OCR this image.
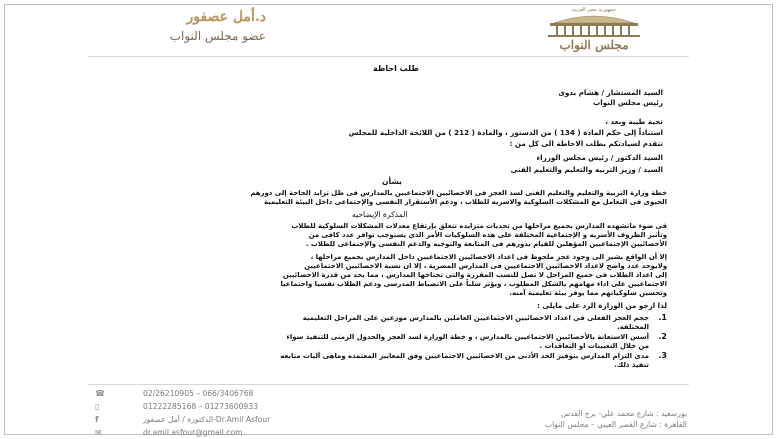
د.أمل عصفور
عضو مجلس النواب
جمهورية مصر العربية
مجلس النواب
طلب احاطة
السيد المستشار / هشام بدوى
رئيس مجلس النواب
تحية طيبة وبعد ،
استناداً إلى حكم المادة ( 134 ) من الدستور ، والمادة ( 212 ) من اللائحة الداخلية للمجلس
تتقدم لسيادتكم بطلب الاحاطة الى كل من :
السيد الدكتور / رئيس مجلس الوزراء
السيد / وزير التربيه والتعليم والتعليم الفنى
بشأن
خطة وزارة التربية والتعليم والتعليم الفنى لسد العجز فى الاخصائيين الاجتماعيين بالمدارس فى ظل تزايد الحاجة إلى دورهم
الحيوى فى التعامل مع المشكلات السلوكية والاسريه للطلاب ، ودعم الأستقرار النفسى والإجتماعى داخل البيئة التعليمية
المذكرة الإيضاحيه
فى ضوء ماتشهده المدارس بجميع مراحلها من تحديات متزايده تتعلق بإرتفاع معدلات المشكلات السلوكية للطلاب
وتأثير الظروف الأسريه و الإجتماعية المختلفة على هذه السلوكيات الأمر الذى يستوجب توافر عدد كافى من
الأخصائيين الإجتماعيين المؤهلين للقيام بدورهم فى المتابعة والتوجيه والدعم النفسى والإجتماعى للطلاب .
إلا أن الواقع يشير الى وجود عجز ملحوظ فى اعداد الاخصائيين الاجتماعيين داخل المدارس بجميع مراحلها ،
ولايوجد عدد واضح لاعداد الاخصائيين الاجتماعيين فى المدارس المصرية ، إلا ان نسبة الاخصائيين الاجتماعيين
إلى اعداد الطلاب فى جميع المراحل لا تصل للنسب المقررة والتى تحتاجها المدارس ، مما يحد من قدرة الاخصائيين
الاجتماعيين على اداء مهامهم بالشكل المطلوب ، ويؤثر سلباً على الانضباط المدرسى ودعم الطلاب نفسيا واجتماعيا
وتحسين سلوكياتهم مما يوفر بيئة تعليمية آمنه.
لذا ارجو من الوزارة الرد على مايلى :
1.
حجم العجز الفعلى فى اعداد الاخصائيين الاجتماعيين العاملين بالمدارس موزعين على المراحل التعليمية
المختلفة.
2.
أسس الاستعانة بالأخصائيين الاجتماعيين بالمدارس ، و خطة الوزارة لسد العجز والجدول الزمنى للتنفيذ سواء
من خلال التعيينات او التعاقدات .
3.
مدى التزام المدارس بتوفير الحد الأدنى من الاخصائيين الاجتماعيين وفق المعايير المعتمده وماهى آليات متابعه
تنفيذ ذلك.
☎	02/26210905 – 066/3406768
▯	01222285168 – 01273600933
f	الدكتورة / أمل عصفور-Dr.Amil Asfour
✉	dr.amil.asfour@gmail.com
بورسعيد : شارع محمد علي- برج القدس
القاهرة : شارع القصر العيني – مجلس النواب
